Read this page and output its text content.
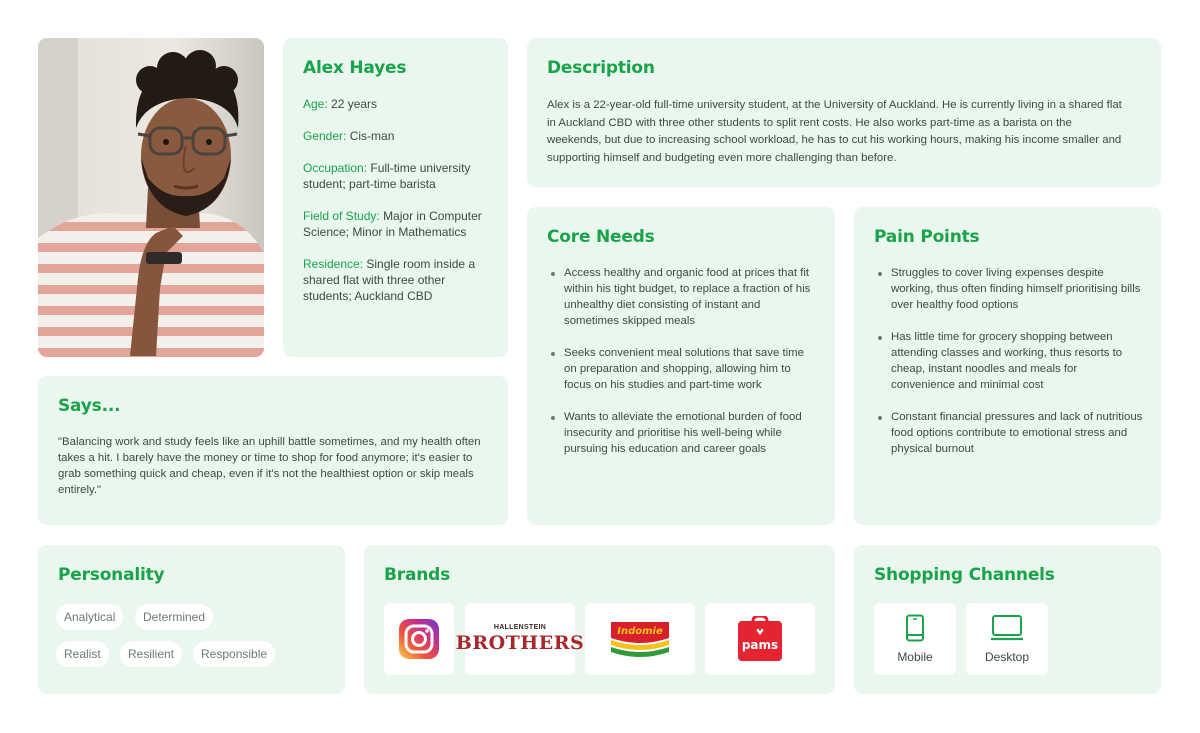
Alex Hayes
Age: 22 years
Gender: Cis-man
Occupation: Full-time university student; part-time barista
Field of Study: Major in Computer Science; Minor in Mathematics
Residence: Single room inside a shared flat with three other students; Auckland CBD
Description
Alex is a 22-year-old full-time university student, at the University of Auckland. He is currently living in a shared flat in Auckland CBD with three other students to split rent costs. He also works part-time as a barista on the weekends, but due to increasing school workload, he has to cut his working hours, making his income smaller and supporting himself and budgeting even more challenging than before.
Says...
"Balancing work and study feels like an uphill battle sometimes, and my health often takes a hit. I barely have the money or time to shop for food anymore; it's easier to grab something quick and cheap, even if it's not the healthiest option or skip meals entirely."
Core Needs
Access healthy and organic food at prices that fit within his tight budget, to replace a fraction of his unhealthy diet consisting of instant and sometimes skipped meals
Seeks convenient meal solutions that save time on preparation and shopping, allowing him to focus on his studies and part-time work
Wants to alleviate the emotional burden of food insecurity and prioritise his well-being while pursuing his education and career goals
Pain Points
Struggles to cover living expenses despite working, thus often finding himself prioritising bills over healthy food options
Has little time for grocery shopping between attending classes and working, thus resorts to cheap, instant noodles and meals for convenience and minimal cost
Constant financial pressures and lack of nutritious food options contribute to emotional stress and physical burnout
Personality
Analytical	Determined
Realist	Resilient	Responsible
Brands
HALLENSTEIN
BROTHERS
Indomie
pams
Shopping Channels
Mobile	Desktop
